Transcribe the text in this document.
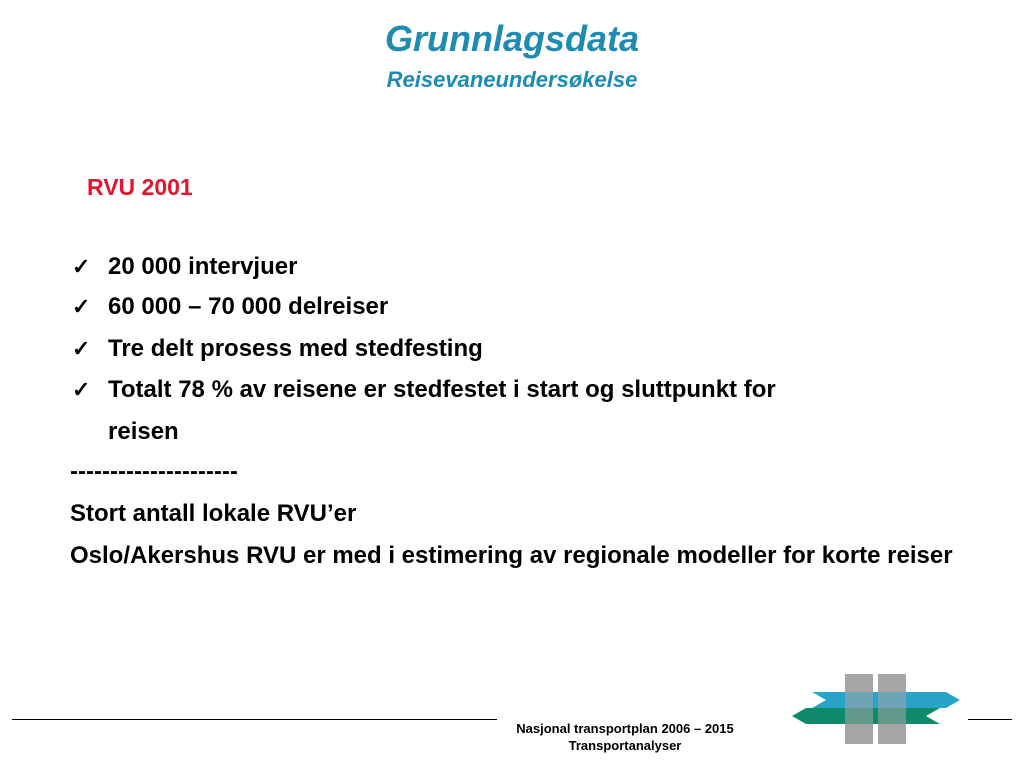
Grunnlagsdata
Reisevaneundersøkelse
RVU 2001
✓ 20 000 intervjuer
✓ 60 000 – 70 000 delreiser
✓ Tre delt prosess med stedfesting
✓ Totalt 78 % av reisene er stedfestet i start og sluttpunkt for
reisen
---------------------
Stort antall lokale RVU’er
Oslo/Akershus RVU er med i estimering av regionale modeller for korte reiser
Nasjonal transportplan 2006 – 2015
Transportanalyser
